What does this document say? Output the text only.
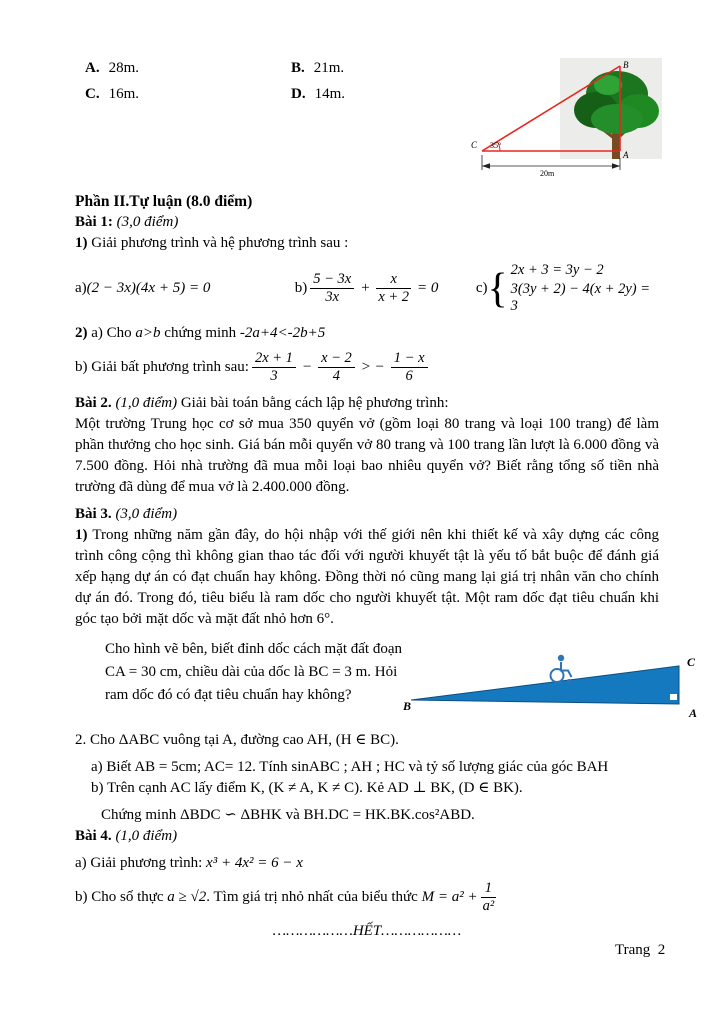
35°
B
C
A
20m
A. 28m.	B. 21m.
C. 16m.	D. 14m.

Phần II.Tự luận (8.0 điểm)

Bài 1: (3,0 điểm)

1) Giải phương trình và hệ phương trình sau :

a) (2 − 3x)(4x + 5) = 0	$b) \frac{5 - 3x}{3x} + \frac{x}{x + 2} = 0$ c) { 2x + 3 = 3y − 2
3(3y + 2) − 4(x + 2y) = 3

2) a) Cho a>b chứng minh -2a+4<-2b+5

b) Giải bất phương trình sau: $\frac{2x + 1}{3} - \frac{x - 2}{4}$ > − $\frac{1 - x}{6}$

Bài 2. (1,0 điểm) Giải bài toán bằng cách lập hệ phương trình:

Một trường Trung học cơ sở mua 350 quyển vở (gồm loại 80 trang và loại 100 trang) để làm phần thưởng cho học sinh. Giá bán mỗi quyển vở 80 trang và 100 trang lần lượt là 6.000 đồng và 7.500 đồng. Hỏi nhà trường đã mua mỗi loại bao nhiêu quyển vở? Biết rằng tổng số tiền nhà trường đã dùng để mua vở là 2.400.000 đồng.

Bài 3. (3,0 điểm)

1) Trong những năm gần đây, do hội nhập với thế giới nên khi thiết kế và xây dựng các công trình công cộng thì không gian thao tác đối với người khuyết tật là yếu tố bắt buộc để đánh giá xếp hạng dự án có đạt chuẩn hay không. Đồng thời nó cũng mang lại giá trị nhân văn cho chính dự án đó. Trong đó, tiêu biểu là ram dốc cho người khuyết tật. Một ram dốc đạt tiêu chuẩn khi góc tạo bởi mặt dốc và mặt đất nhỏ hơn 6°.

Cho hình vẽ bên, biết đỉnh dốc cách mặt đất đoạn CA = 30 cm, chiều dài của dốc là BC = 3 m. Hỏi ram dốc đó có đạt tiêu chuẩn hay không?
C
B	A

2. Cho ΔABC vuông tại A, đường cao AH, (H ∈ BC).

a) Biết AB = 5cm; AC= 12. Tính sinABC ; AH ; HC và tỷ số lượng giác của góc BAH

b) Trên cạnh AC lấy điểm K, (K ≠ A, K ≠ C). Kẻ AD ⊥ BK, (D ∈ BK).

Chứng minh ΔBDC ∽ ΔBHK và BH.DC = HK.BK.cos²ABD.

Bài 4. (1,0 điểm)

a) Giải phương trình: x³ + 4x² = 6 − x

b) Cho số thực
a ≥ √2 . Tìm giá trị nhỏ nhất của biểu thức
$M = a^2 + \frac{1}{\text{a²}}$

………………HẾT………………

Trang  2
